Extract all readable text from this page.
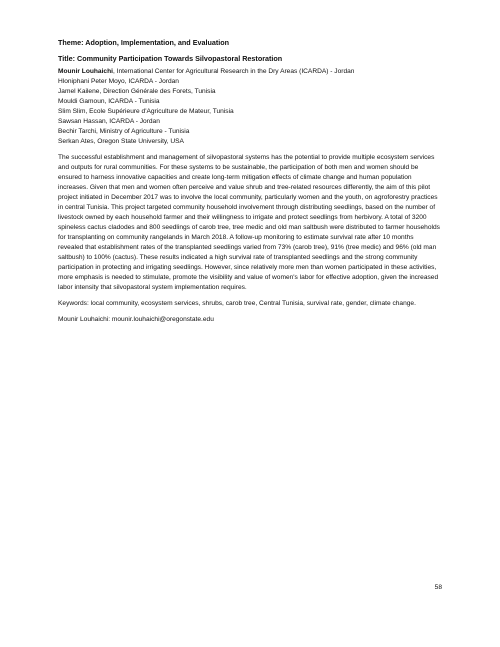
Theme: Adoption, Implementation, and Evaluation

Title: Community Participation Towards Silvopastoral Restoration

Mounir Louhaichi, International Center for Agricultural Research in the Dry Areas (ICARDA) - Jordan
Hloniphani Peter Moyo, ICARDA - Jordan
Jamel Kailene, Direction Générale des Forets, Tunisia
Mouldi Gamoun, ICARDA - Tunisia
Slim Slim, Ecole Supérieure d'Agriculture de Mateur, Tunisia
Sawsan Hassan, ICARDA - Jordan
Bechir Tarchi, Ministry of Agriculture - Tunisia
Serkan Ates, Oregon State University, USA

The successful establishment and management of silvopastoral systems has the potential to provide multiple ecosystem services and outputs for rural communities. For these systems to be sustainable, the participation of both men and women should be ensured to harness innovative capacities and create long-term mitigation effects of climate change and human population increases. Given that men and women often perceive and value shrub and tree-related resources differently, the aim of this pilot project initiated in December 2017 was to involve the local community, particularly women and the youth, on agroforestry practices in central Tunisia. This project targeted community household involvement through distributing seedlings, based on the number of livestock owned by each household farmer and their willingness to irrigate and protect seedlings from herbivory. A total of 3200 spineless cactus cladodes and 800 seedlings of carob tree, tree medic and old man saltbush were distributed to farmer households for transplanting on community rangelands in March 2018. A follow-up monitoring to estimate survival rate after 10 months revealed that establishment rates of the transplanted seedlings varied from 73% (carob tree), 91% (tree medic) and 96% (old man saltbush) to 100% (cactus). These results indicated a high survival rate of transplanted seedlings and the strong community participation in protecting and irrigating seedlings. However, since relatively more men than women participated in these activities, more emphasis is needed to stimulate, promote the visibility and value of women's labor for effective adoption, given the increased labor intensity that silvopastoral system implementation requires.

Keywords: local community, ecosystem services, shrubs, carob tree, Central Tunisia, survival rate, gender, climate change.

Mounir Louhaichi: mounir.louhaichi@oregonstate.edu

58
